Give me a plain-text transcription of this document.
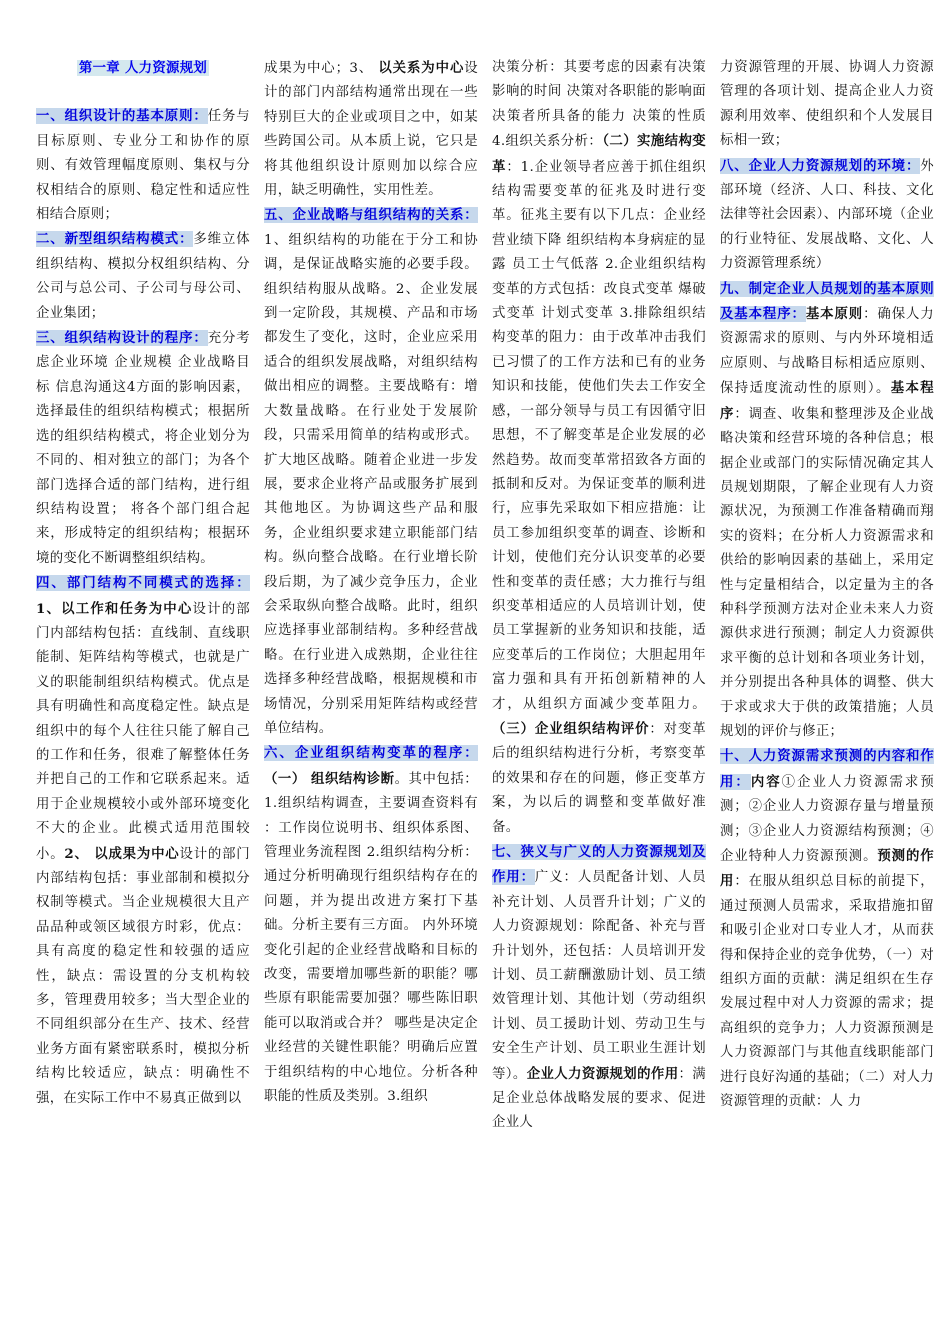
第一章 人力资源规划

一、组织设计的基本原则：任务与目标原则、专业分工和协作的原则、有效管理幅度原则、集权与分权相结合的原则、稳定性和适应性相结合原则；

二、新型组织结构模式：多维立体组织结构、模拟分权组织结构、分公司与总公司、子公司与母公司、企业集团；

三、组织结构设计的程序：充分考虑企业环境 企业规模 企业战略目标 信息沟通这4方面的影响因素，选择最佳的组织结构模式；根据所选的组织结构模式，将企业划分为不同的、相对独立的部门；为各个部门选择合适的部门结构，进行组织结构设置； 将各个部门组合起来，形成特定的组织结构；根据环境的变化不断调整组织结构。

四、部门结构不同模式的选择：1、以工作和任务为中心设计的部门内部结构包括：直线制、直线职能制、矩阵结构等模式，也就是广义的职能制组织结构模式。优点是具有明确性和高度稳定性。缺点是组织中的每个人往往只能了解自己的工作和任务，很难了解整体任务并把自己的工作和它联系起来。适用于企业规模较小或外部环境变化不大的企业。此模式适用范围较小。2、 以成果为中心设计的部门内部结构包括：事业部制和模拟分权制等模式。当企业规模很大且产品品种或领区域很方时彩，优点：具有高度的稳定性和较强的适应性，缺点：需设置的分支机构较多，管理费用较多；当大型企业的不同组织部分在生产、技术、经营业务方面有紧密联系时，模拟分析结构比较适应，缺点：明确性不强，在实际工作中不易真正做到以

成果为中心；3、 以关系为中心设计的部门内部结构通常出现在一些特别巨大的企业或项目之中，如某些跨国公司。从本质上说，它只是将其他组织设计原则加以综合应用，缺乏明确性，实用性差。

五、企业战略与组织结构的关系：1、组织结构的功能在于分工和协调，是保证战略实施的必要手段。组织结构服从战略。2、企业发展到一定阶段，其规模、产品和市场都发生了变化，这时，企业应采用适合的组织发展战略，对组织结构做出相应的调整。主要战略有：增大数量战略。在行业处于发展阶段，只需采用简单的结构或形式。扩大地区战略。随着企业进一步发展，要求企业将产品或服务扩展到其他地区。为协调这些产品和服务，企业组织要求建立职能部门结构。纵向整合战略。在行业增长阶段后期，为了减少竞争压力，企业会采取纵向整合战略。此时，组织应选择事业部制结构。多种经营战略。在行业进入成熟期，企业往往选择多种经营战略，根据规模和市场情况，分别采用矩阵结构或经营单位结构。

六、企业组织结构变革的程序：（一） 组织结构诊断。其中包括：1.组织结构调查，主要调查资料有 ：工作岗位说明书、组织体系图、管理业务流程图 2.组织结构分析：通过分析明确现行组织结构存在的问题，并为提出改进方案打下基础。分析主要有三方面。 内外环境变化引起的企业经营战略和目标的改变，需要增加哪些新的职能？哪些原有职能需要加强？哪些陈旧职能可以取消或合并？ 哪些是决定企业经营的关键性职能？明确后应置于组织结构的中心地位。分析各种职能的性质及类别。3.组织

决策分析：其要考虑的因素有决策影响的时间 决策对各职能的影响面 决策者所具备的能力 决策的性质 4.组织关系分析：（二）实施结构变革：1.企业领导者应善于抓住组织结构需要变革的征兆及时进行变革。征兆主要有以下几点：企业经营业绩下降 组织结构本身病症的显露 员工士气低落 2.企业组织结构变革的方式包括：改良式变革 爆破式变革 计划式变革 3.排除组织结构变革的阻力：由于改革冲击我们已习惯了的工作方法和已有的业务知识和技能，使他们失去工作安全感，一部分领导与员工有因循守旧思想，不了解变革是企业发展的必然趋势。故而变革常招致各方面的抵制和反对。为保证变革的顺利进行，应事先采取如下相应措施：让员工参加组织变革的调查、诊断和计划，使他们充分认识变革的必要性和变革的责任感；大力推行与组织变革相适应的人员培训计划，使员工掌握新的业务知识和技能，适应变革后的工作岗位；大胆起用年富力强和具有开拓创新精神的人才，从组织方面减少变革阻力。（三）企业组织结构评价：对变革后的组织结构进行分析，考察变革的效果和存在的问题，修正变革方案，为以后的调整和变革做好准备。

七、狭义与广义的人力资源规划及作用：广义：人员配备计划、人员补充计划、人员晋升计划；广义的人力资源规划：除配备、补充与晋升计划外，还包括：人员培训开发计划、员工薪酬激励计划、员工绩效管理计划、其他计划（劳动组织计划、员工援助计划、劳动卫生与安全生产计划、员工职业生涯计划等）。企业人力资源规划的作用：满足企业总体战略发展的要求、促进企业人

力资源管理的开展、协调人力资源管理的各项计划、提高企业人力资源利用效率、使组织和个人发展目标相一致；

八、企业人力资源规划的环境：外部环境（经济、人口、科技、文化法律等社会因素）、内部环境（企业的行业特征、发展战略、文化、人力资源管理系统）

九、制定企业人员规划的基本原则及基本程序：基本原则：确保人力资源需求的原则、与内外环境相适应原则、与战略目标相适应原则、保持适度流动性的原则）。基本程序：调查、收集和整理涉及企业战略决策和经营环境的各种信息；根据企业或部门的实际情况确定其人员规划期限，了解企业现有人力资源状况，为预测工作准备精确而翔实的资料；在分析人力资源需求和供给的影响因素的基础上，采用定性与定量相结合，以定量为主的各种科学预测方法对企业未来人力资源供求进行预测；制定人力资源供求平衡的总计划和各项业务计划，并分别提出各种具体的调整、供大于求或求大于供的政策措施；人员规划的评价与修正；

十、人力资源需求预测的内容和作用：内容①企业人力资源需求预测；②企业人力资源存量与增量预测；③企业人力资源结构预测；④企业特种人力资源预测。预测的作用：在服从组织总目标的前提下，通过预测人员需求，采取措施扣留和吸引企业对口专业人才，从而获得和保持企业的竞争优势，（一）对组织方面的贡献：满足组织在生存发展过程中对人力资源的需求；提高组织的竞争力；人力资源预测是人力资源部门与其他直线职能部门进行良好沟通的基础；（二）对人力资源管理的贡献：人 力
